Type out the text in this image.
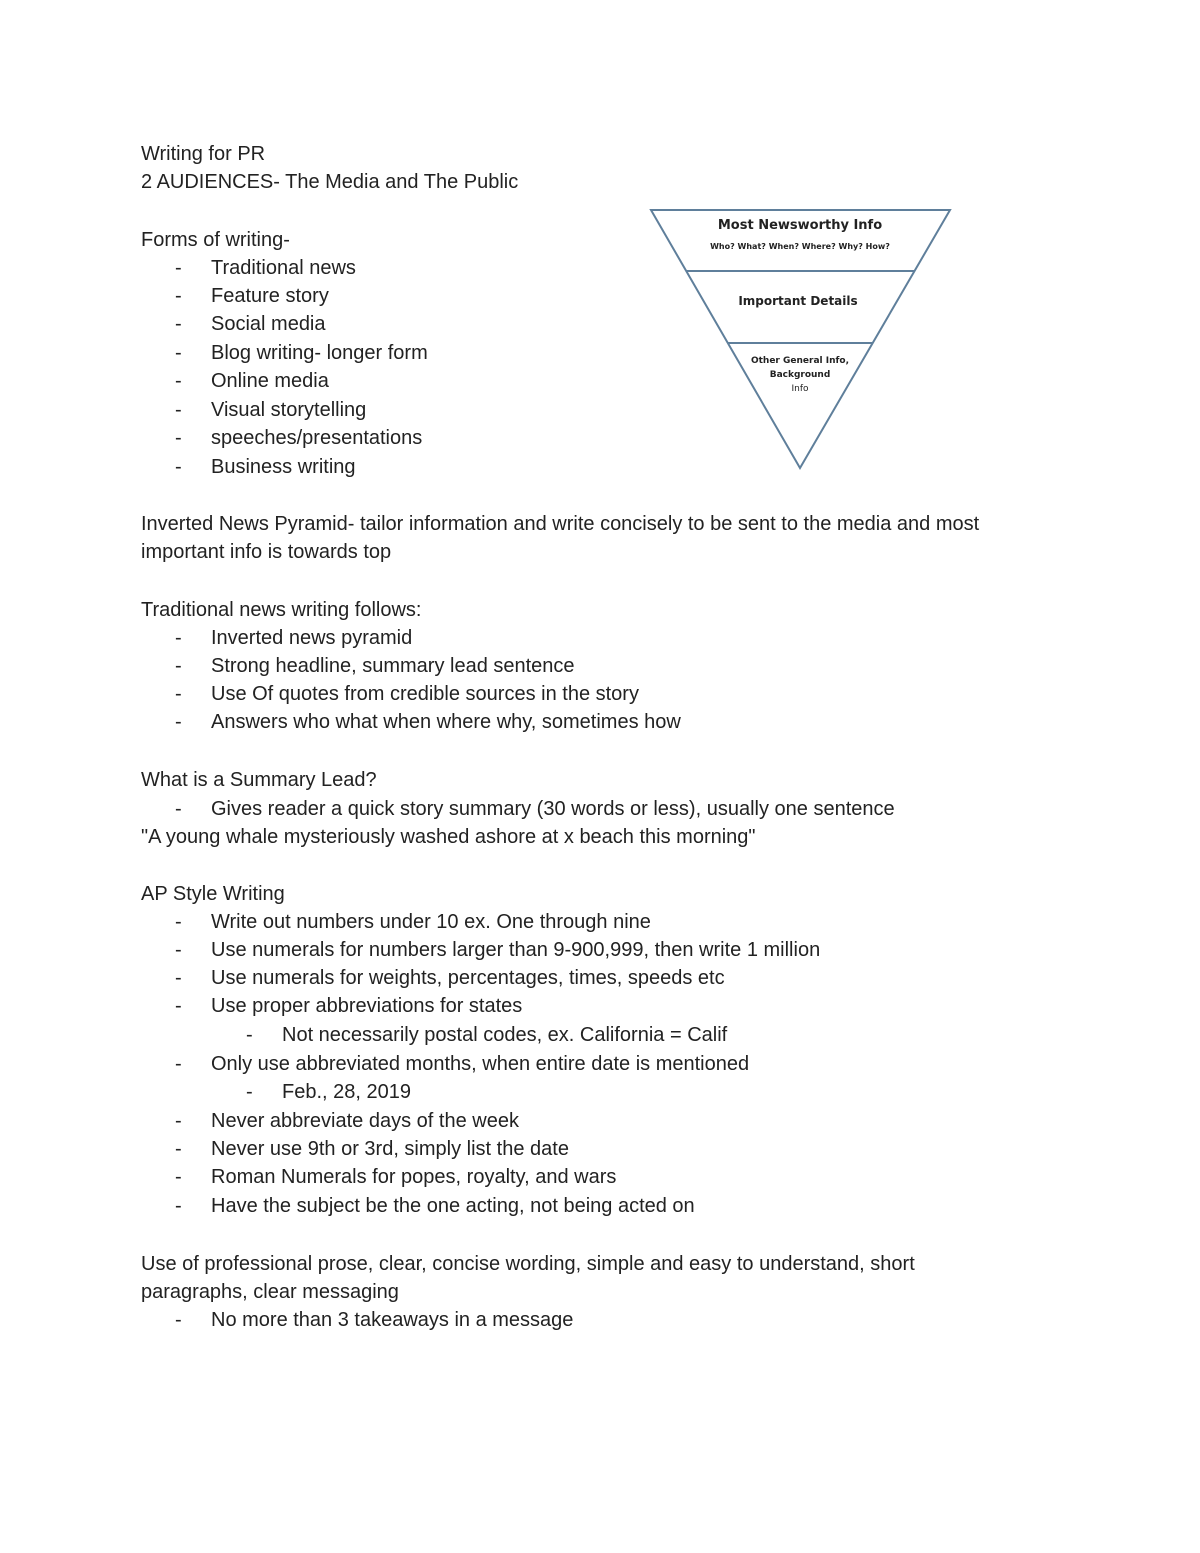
Writing for PR
2 AUDIENCES- The Media and The Public
Forms of writing-
- Traditional news
- Feature story
- Social media
- Blog writing- longer form
- Online media
- Visual storytelling
- speeches/presentations
- Business writing
Most Newsworthy Info
Who? What? When? Where? Why? How?
Important Details
Other General Info,
Background
Info
Inverted News Pyramid- tailor information and write concisely to be sent to the media and most
important info is towards top
Traditional news writing follows:
- Inverted news pyramid
- Strong headline, summary lead sentence
- Use Of quotes from credible sources in the story
- Answers who what when where why, sometimes how
What is a Summary Lead?
- Gives reader a quick story summary (30 words or less), usually one sentence
"A young whale mysteriously washed ashore at x beach this morning"
AP Style Writing
- Write out numbers under 10 ex. One through nine
- Use numerals for numbers larger than 9-900,999, then write 1 million
- Use numerals for weights, percentages, times, speeds etc
- Use proper abbreviations for states
- Not necessarily postal codes, ex. California = Calif
- Only use abbreviated months, when entire date is mentioned
- Feb., 28, 2019
- Never abbreviate days of the week
- Never use 9th or 3rd, simply list the date
- Roman Numerals for popes, royalty, and wars
- Have the subject be the one acting, not being acted on
Use of professional prose, clear, concise wording, simple and easy to understand, short
paragraphs, clear messaging
- No more than 3 takeaways in a message
